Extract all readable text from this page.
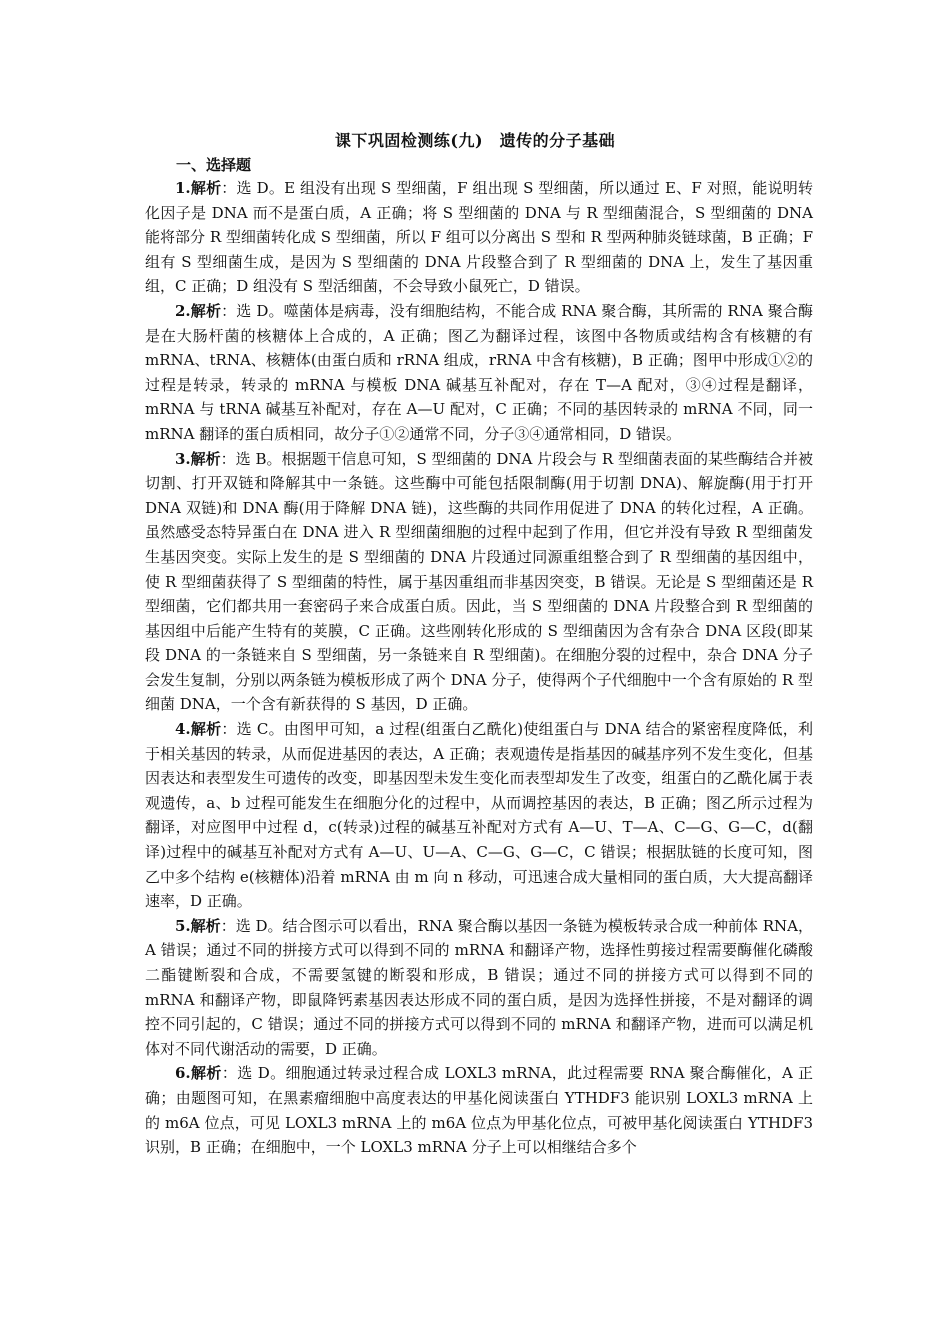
课下巩固检测练(九)　遗传的分子基础
一、选择题

1.解析：选 D。E 组没有出现 S 型细菌，F 组出现 S 型细菌，所以通过 E、F 对照，能说明转化因子是 DNA 而不是蛋白质，A 正确；将 S 型细菌的 DNA 与 R 型细菌混合，S 型细菌的 DNA 能将部分 R 型细菌转化成 S 型细菌，所以 F 组可以分离出 S 型和 R 型两种肺炎链球菌，B 正确；F 组有 S 型细菌生成，是因为 S 型细菌的 DNA 片段整合到了 R 型细菌的 DNA 上，发生了基因重组，C 正确；D 组没有 S 型活细菌，不会导致小鼠死亡，D 错误。

2.解析：选 D。噬菌体是病毒，没有细胞结构，不能合成 RNA 聚合酶，其所需的 RNA 聚合酶是在大肠杆菌的核糖体上合成的，A 正确；图乙为翻译过程，该图中各物质或结构含有核糖的有 mRNA、tRNA、核糖体(由蛋白质和 rRNA 组成，rRNA 中含有核糖)，B 正确；图甲中形成①②的过程是转录，转录的 mRNA 与模板 DNA 碱基互补配对，存在 T—A 配对，③④过程是翻译，mRNA 与 tRNA 碱基互补配对，存在 A—U 配对，C 正确；不同的基因转录的 mRNA 不同，同一 mRNA 翻译的蛋白质相同，故分子①②通常不同，分子③④通常相同，D 错误。

3.解析：选 B。根据题干信息可知，S 型细菌的 DNA 片段会与 R 型细菌表面的某些酶结合并被切割、打开双链和降解其中一条链。这些酶中可能包括限制酶(用于切割 DNA)、解旋酶(用于打开 DNA 双链)和 DNA 酶(用于降解 DNA 链)，这些酶的共同作用促进了 DNA 的转化过程，A 正确。虽然感受态特异蛋白在 DNA 进入 R 型细菌细胞的过程中起到了作用，但它并没有导致 R 型细菌发生基因突变。实际上发生的是 S 型细菌的 DNA 片段通过同源重组整合到了 R 型细菌的基因组中，使 R 型细菌获得了 S 型细菌的特性，属于基因重组而非基因突变，B 错误。无论是 S 型细菌还是 R 型细菌，它们都共用一套密码子来合成蛋白质。因此，当 S 型细菌的 DNA 片段整合到 R 型细菌的基因组中后能产生特有的荚膜，C 正确。这些刚转化形成的 S 型细菌因为含有杂合 DNA 区段(即某段 DNA 的一条链来自 S 型细菌，另一条链来自 R 型细菌)。在细胞分裂的过程中，杂合 DNA 分子会发生复制，分别以两条链为模板形成了两个 DNA 分子，使得两个子代细胞中一个含有原始的 R 型细菌 DNA，一个含有新获得的 S 基因，D 正确。

4.解析：选 C。由图甲可知，a 过程(组蛋白乙酰化)使组蛋白与 DNA 结合的紧密程度降低，利于相关基因的转录，从而促进基因的表达，A 正确；表观遗传是指基因的碱基序列不发生变化，但基因表达和表型发生可遗传的改变，即基因型未发生变化而表型却发生了改变，组蛋白的乙酰化属于表观遗传，a、b 过程可能发生在细胞分化的过程中，从而调控基因的表达，B 正确；图乙所示过程为翻译，对应图甲中过程 d，c(转录)过程的碱基互补配对方式有 A—U、T—A、C—G、G—C，d(翻译)过程中的碱基互补配对方式有 A—U、U—A、C—G、G—C，C 错误；根据肽链的长度可知，图乙中多个结构 e(核糖体)沿着 mRNA 由 m 向 n 移动，可迅速合成大量相同的蛋白质，大大提高翻译速率，D 正确。

5.解析：选 D。结合图示可以看出，RNA 聚合酶以基因一条链为模板转录合成一种前体 RNA，A 错误；通过不同的拼接方式可以得到不同的 mRNA 和翻译产物，选择性剪接过程需要酶催化磷酸二酯键断裂和合成，不需要氢键的断裂和形成，B 错误；通过不同的拼接方式可以得到不同的 mRNA 和翻译产物，即鼠降钙素基因表达形成不同的蛋白质，是因为选择性拼接，不是对翻译的调控不同引起的，C 错误；通过不同的拼接方式可以得到不同的 mRNA 和翻译产物，进而可以满足机体对不同代谢活动的需要，D 正确。

6.解析：选 D。细胞通过转录过程合成 LOXL3 mRNA，此过程需要 RNA 聚合酶催化，A 正确；由题图可知，在黑素瘤细胞中高度表达的甲基化阅读蛋白 YTHDF3 能识别 LOXL3 mRNA 上的 m6A 位点，可见 LOXL3 mRNA 上的 m6A 位点为甲基化位点，可被甲基化阅读蛋白 YTHDF3 识别，B 正确；在细胞中，一个 LOXL3 mRNA 分子上可以相继结合多个
